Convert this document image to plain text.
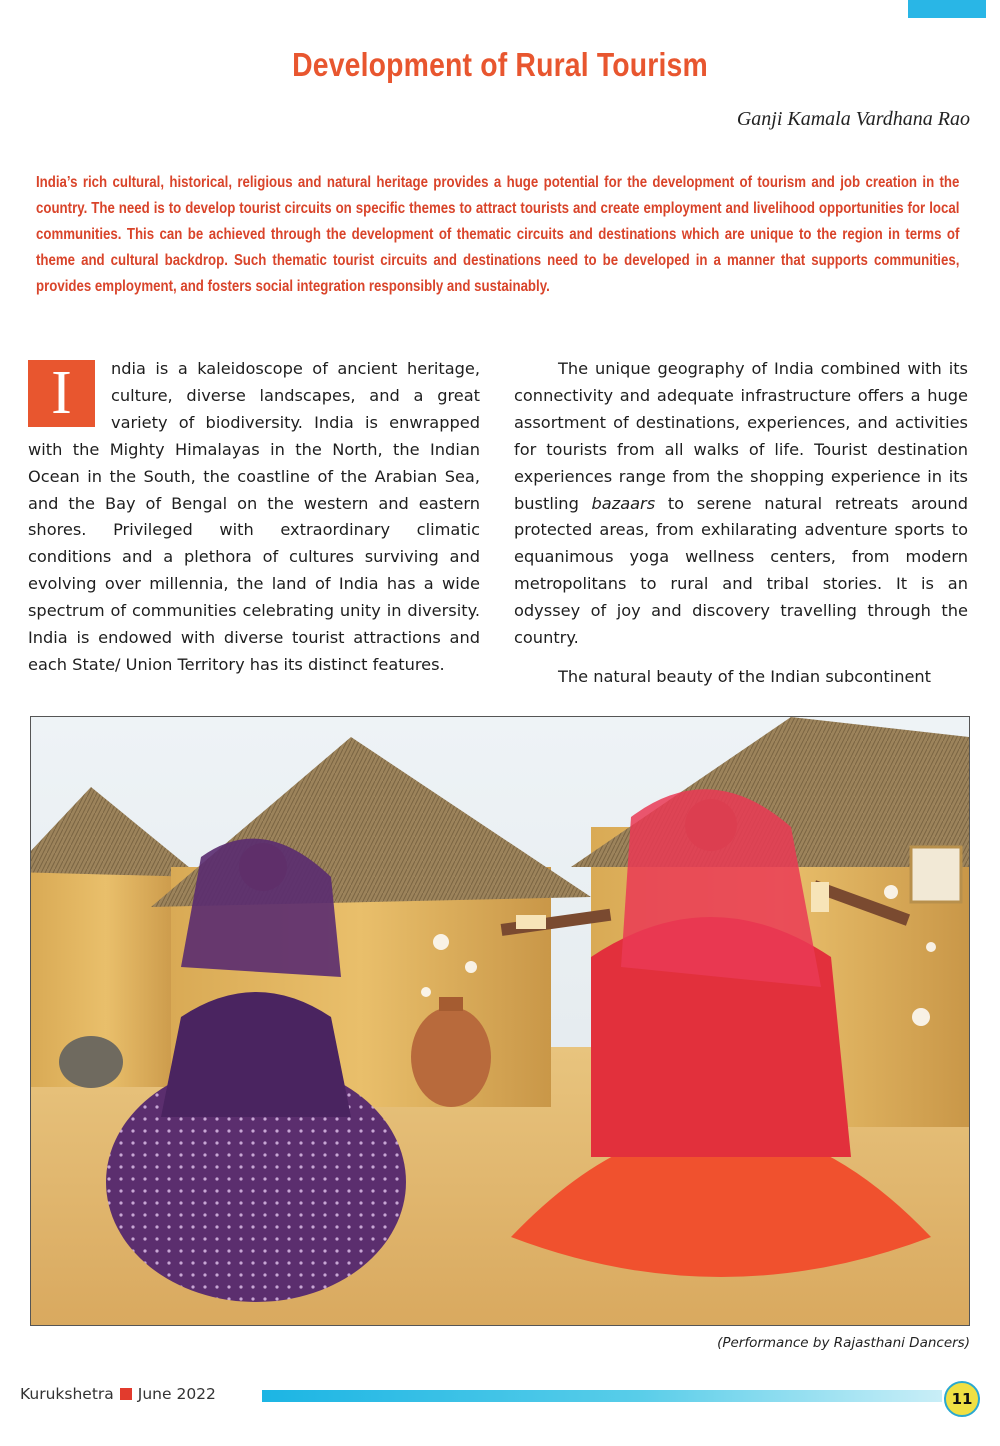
Development of Rural Tourism
Ganji Kamala Vardhana Rao
India’s rich cultural, historical, religious and natural heritage provides a huge potential for the development of tourism and job creation in the country. The need is to develop tourist circuits on specific themes to attract tourists and create employment and livelihood opportunities for local communities. This can be achieved through the development of thematic circuits and destinations which are unique to the region in terms of theme and cultural backdrop. Such thematic tourist circuits and destinations need to be developed in a manner that supports communities, provides employment, and fosters social integration responsibly and sustainably.

I	ndia is a kaleidoscope of ancient heritage, culture, diverse landscapes, and a great variety of biodiversity. India is enwrapped with the Mighty Himalayas in the North, the Indian Ocean in the South, the coastline of the Arabian Sea, and the Bay of Bengal on the western and eastern shores. Privileged with extraordinary climatic conditions and a plethora of cultures surviving and evolving over millennia, the land of India has a wide spectrum of communities celebrating unity in diversity. India is endowed with diverse tourist attractions and each State/ Union Territory has its distinct features.

The unique geography of India combined with its connectivity and adequate infrastructure offers a huge assortment of destinations, experiences, and activities for tourists from all walks of life. Tourist destination experiences range from the shopping experience in its bustling bazaars to serene natural retreats around protected areas, from exhilarating adventure sports to equanimous yoga wellness centers, from modern metropolitans to rural and tribal stories. It is an odyssey of joy and discovery travelling through the country.

The natural beauty of the Indian subcontinent

(Performance by Rajasthani Dancers)
Kurukshetra June 2022	11
